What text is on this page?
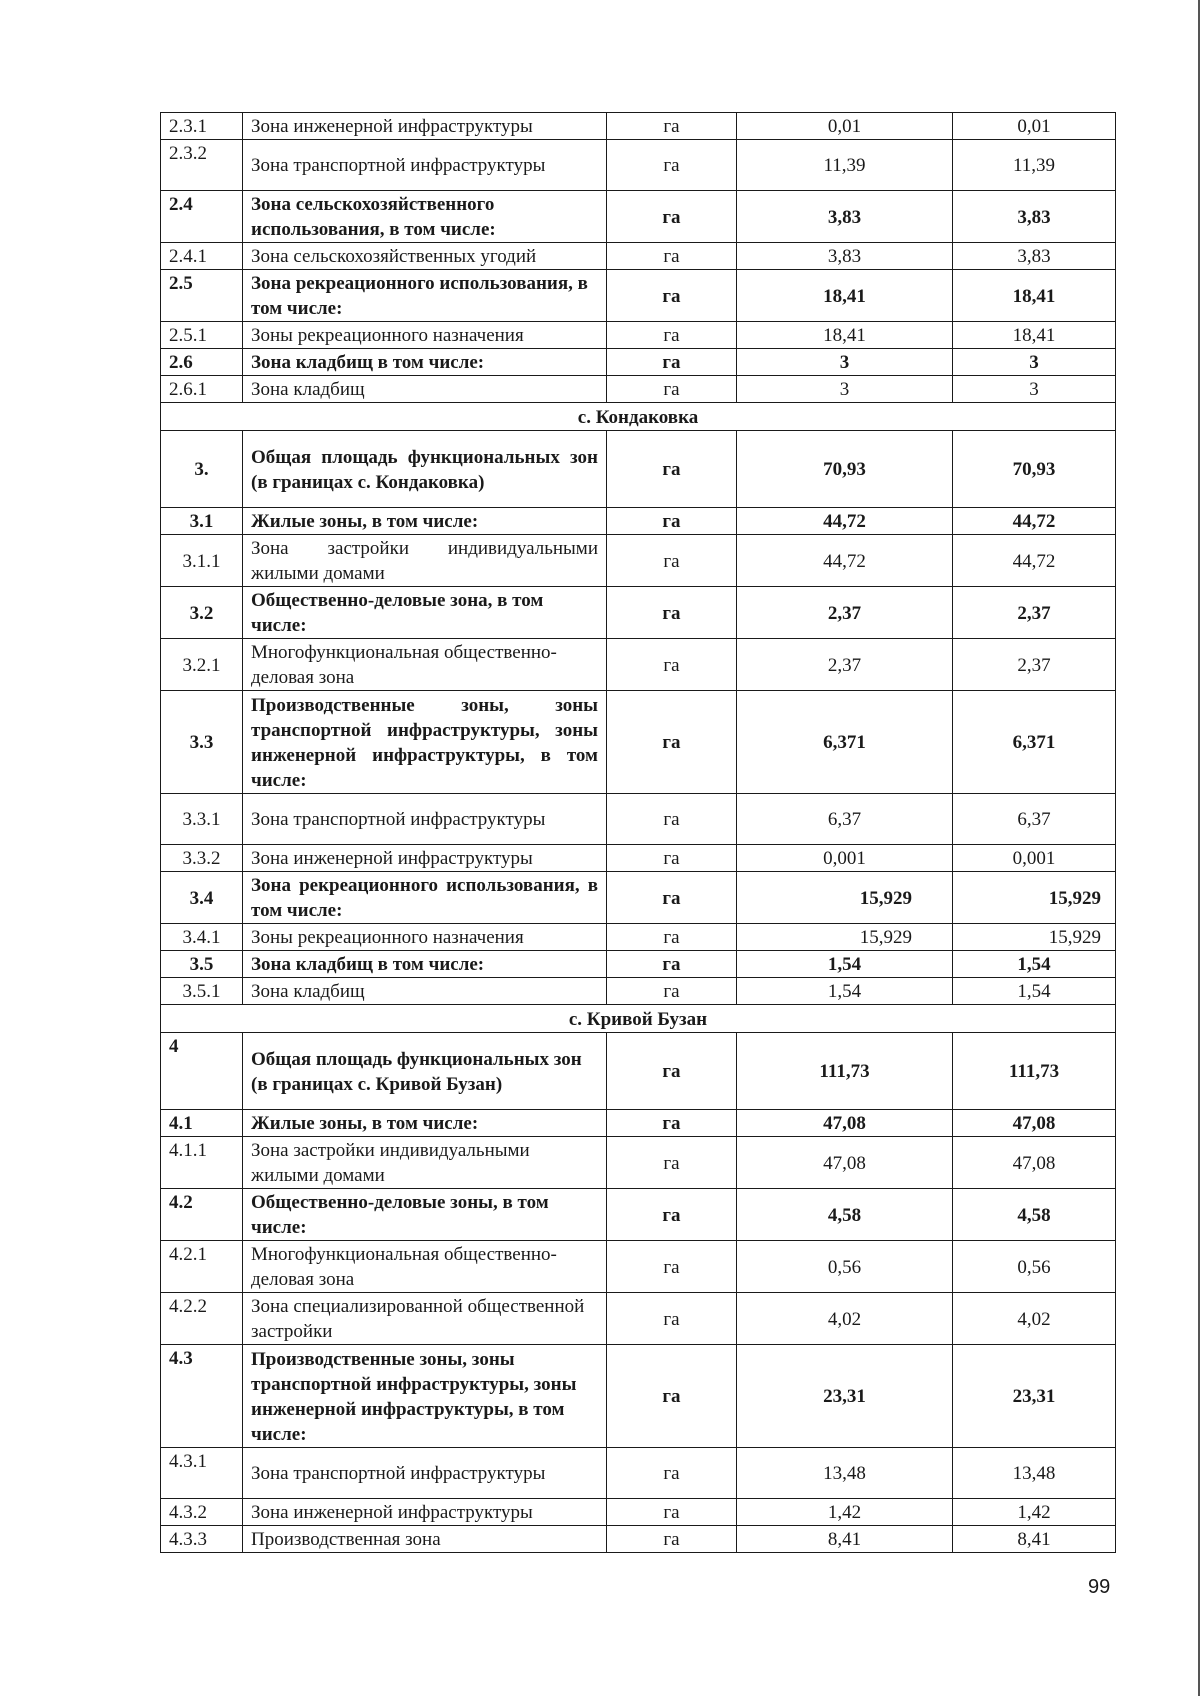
2.3.1	Зона инженерной инфраструктуры	га	0,01	0,01
2.3.2	Зона транспортной инфраструктуры	га	11,39	11,39
2.4	Зона сельскохозяйственного использования, в том числе:	га	3,83	3,83
2.4.1	Зона сельскохозяйственных угодий	га	3,83	3,83
2.5	Зона рекреационного использования, в том числе:	га	18,41	18,41
2.5.1	Зоны рекреационного назначения	га	18,41	18,41
2.6	Зона кладбищ в том числе:	га	3	3
2.6.1	Зона кладбищ	га	3	3
с. Кондаковка				
3.	Общая площадь функциональных зон (в границах с. Кондаковка)	га	70,93	70,93
3.1	Жилые зоны, в том числе:	га	44,72	44,72
3.1.1	Зона застройки индивидуальными жилыми домами	га	44,72	44,72
3.2	Общественно-деловые зона, в том числе:	га	2,37	2,37
3.2.1	Многофункциональная общественно-деловая зона	га	2,37	2,37
3.3	Производственные зоны, зоны транспортной инфраструктуры, зоны инженерной инфраструктуры, в том числе:	га	6,371	6,371
3.3.1	Зона транспортной инфраструктуры	га	6,37	6,37
3.3.2	Зона инженерной инфраструктуры	га	0,001	0,001
3.4	Зона рекреационного использования, в том числе:	га	15,929	15,929
3.4.1	Зоны рекреационного назначения	га	15,929	15,929
3.5	Зона кладбищ в том числе:	га	1,54	1,54
3.5.1	Зона кладбищ	га	1,54	1,54
с. Кривой Бузан				
4	Общая площадь функциональных зон (в границах с. Кривой Бузан)	га	111,73	111,73
4.1	Жилые зоны, в том числе:	га	47,08	47,08
4.1.1	Зона застройки индивидуальными жилыми домами	га	47,08	47,08
4.2	Общественно-деловые зоны, в том числе:	га	4,58	4,58
4.2.1	Многофункциональная общественно-деловая зона	га	0,56	0,56
4.2.2	Зона специализированной общественной застройки	га	4,02	4,02
4.3	Производственные зоны, зоны транспортной инфраструктуры, зоны инженерной инфраструктуры, в том числе:	га	23,31	23,31
4.3.1	Зона транспортной инфраструктуры	га	13,48	13,48
4.3.2	Зона инженерной инфраструктуры	га	1,42	1,42
4.3.3	Производственная зона	га	8,41	8,41
99
